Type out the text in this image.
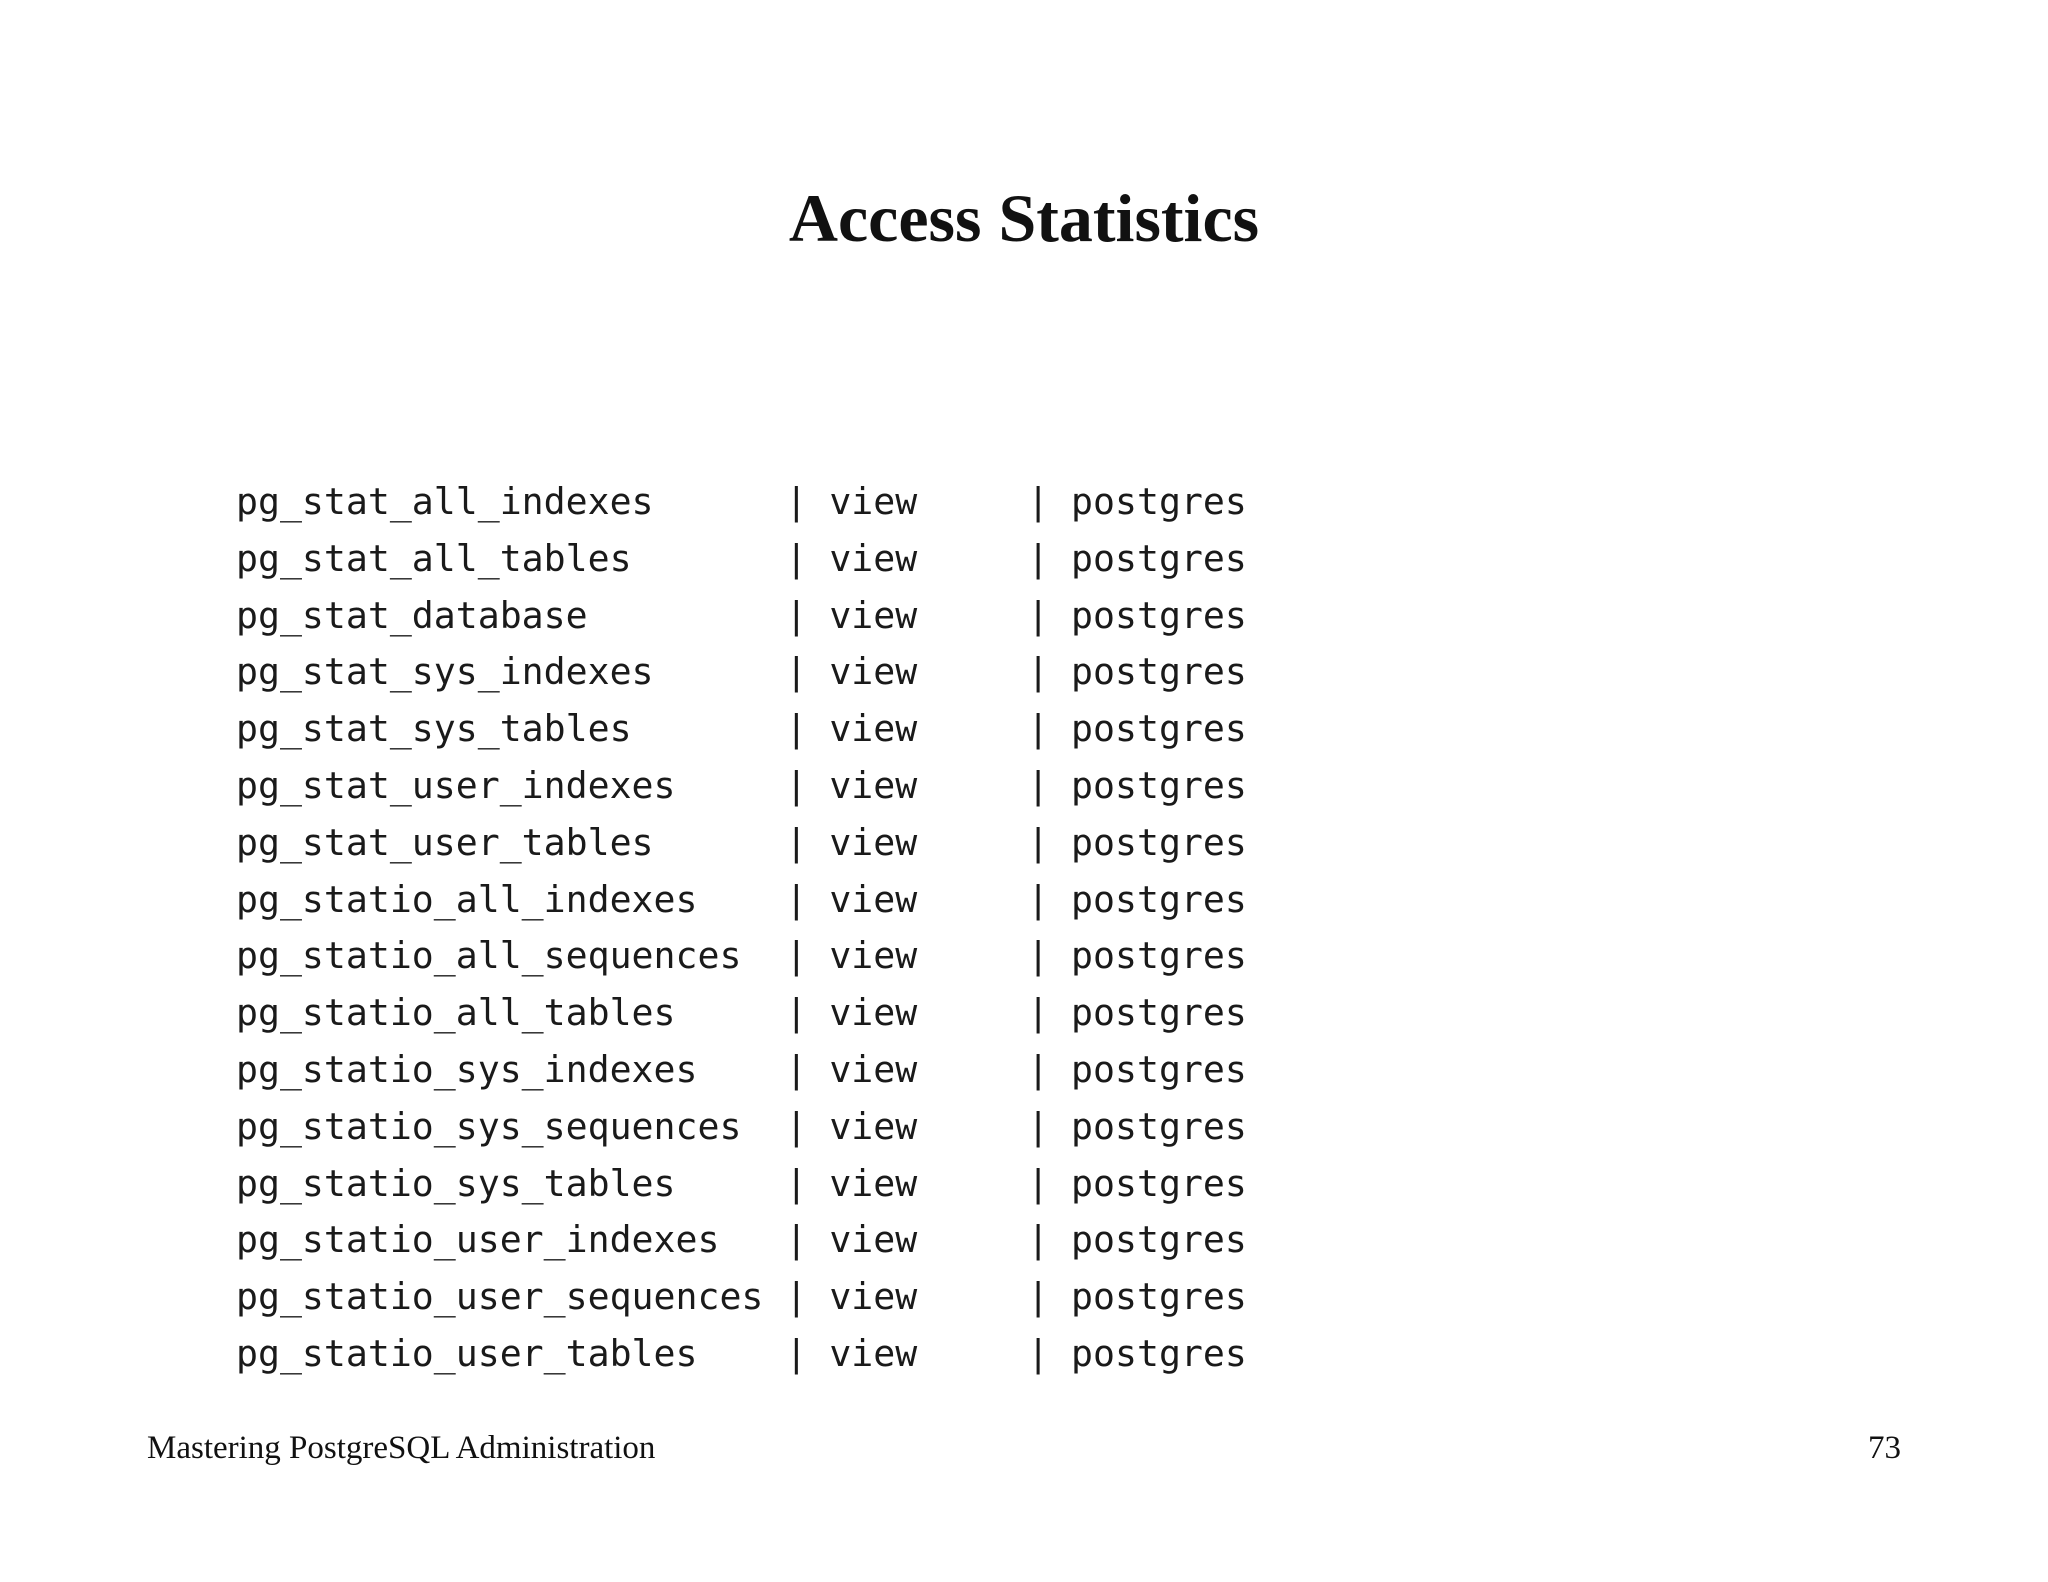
Access Statistics
pg_stat_all_indexes      | view     | postgres
pg_stat_all_tables       | view     | postgres
pg_stat_database         | view     | postgres
pg_stat_sys_indexes      | view     | postgres
pg_stat_sys_tables       | view     | postgres
pg_stat_user_indexes     | view     | postgres
pg_stat_user_tables      | view     | postgres
pg_statio_all_indexes    | view     | postgres
pg_statio_all_sequences  | view     | postgres
pg_statio_all_tables     | view     | postgres
pg_statio_sys_indexes    | view     | postgres
pg_statio_sys_sequences  | view     | postgres
pg_statio_sys_tables     | view     | postgres
pg_statio_user_indexes   | view     | postgres
pg_statio_user_sequences | view     | postgres
pg_statio_user_tables    | view     | postgres
Mastering PostgreSQL Administration	73
